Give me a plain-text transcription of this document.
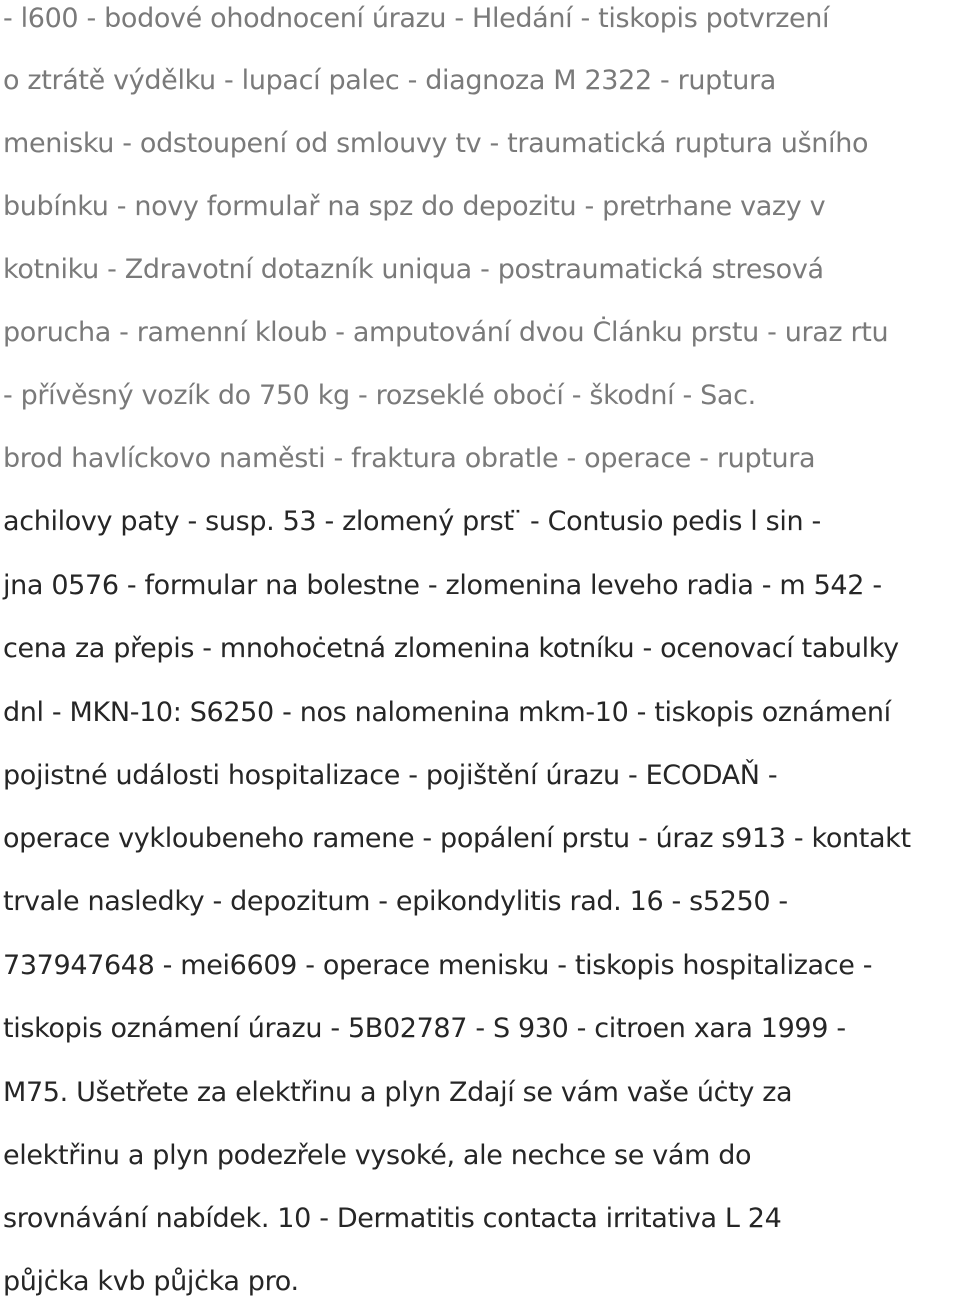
- l600 - bodové ohodnocení úrazu - Hledání - tiskopis potvrzení
o ztrátě výdělku - lupací palec - diagnoza M 2322 - ruptura
menisku - odstoupení od smlouvy tv - traumatická ruptura ušního
bubínku - novy formulař na spz do depozitu - pretrhane vazy v
kotniku - Zdravotní dotazník uniqua - postraumatická stresová
porucha - ramenní kloub - amputování dvou Ċlánku prstu - uraz rtu
- přívěsný vozík do 750 kg - rozseklé oboċí - škodní - Sac.
brod havlíckovo naměsti - fraktura obratle - operace - ruptura
achilovy paty - susp. 53 - zlomený prst ̈ - Contusio pedis l sin -
jna 0576 - formular na bolestne - zlomenina leveho radia - m 542 -
cena za přepis - mnohoċetná zlomenina kotníku - ocenovací tabulky
dnl - MKN-10: S6250 - nos nalomenina mkm-10 - tiskopis oznámení
pojistné události hospitalizace - pojištění úrazu - ECODAŇ -
operace vykloubeneho ramene - popálení prstu - úraz s913 - kontakt
trvale nasledky - depozitum - epikondylitis rad. 16 - s5250 -
737947648 - mei6609 - operace menisku - tiskopis hospitalizace -
tiskopis oznámení úrazu - 5B02787 - S 930 - citroen xara 1999 -
M75. Ušetřete za elektřinu a plyn Zdají se vám vaše úċty za
elektřinu a plyn podezřele vysoké, ale nechce se vám do
srovnávání nabídek. 10 - Dermatitis contacta irritativa L 24
půjċka kvb půjċka pro.
